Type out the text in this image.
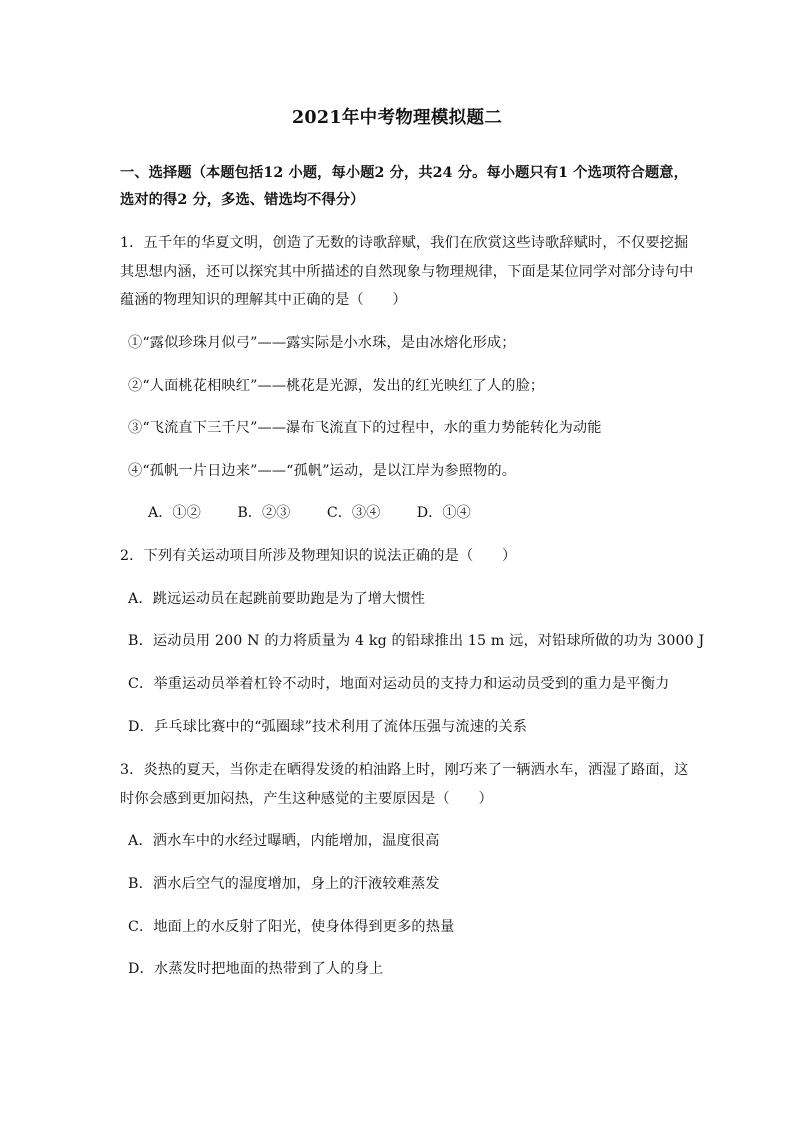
2021年中考物理模拟题二
一、选择题（本题包括12 小题，每小题2 分，共24 分。每小题只有1 个选项符合题意，
选对的得2 分，多选、错选均不得分）
1．五千年的华夏文明，创造了无数的诗歌辞赋，我们在欣赏这些诗歌辞赋时，不仅要挖掘
其思想内涵，还可以探究其中所描述的自然现象与物理规律，下面是某位同学对部分诗句中
蕴涵的物理知识的理解其中正确的是（　　）
①“露似珍珠月似弓”——露实际是小水珠，是由冰熔化形成；
②“人面桃花相映红”——桃花是光源，发出的红光映红了人的脸；
③“飞流直下三千尺”——瀑布飞流直下的过程中，水的重力势能转化为动能
④“孤帆一片日边来”——“孤帆”运动，是以江岸为参照物的。
A．①②	B．②③	C．③④	D．①④
2．下列有关运动项目所涉及物理知识的说法正确的是（　　）
A．跳远运动员在起跳前要助跑是为了增大惯性
B．运动员用 200 N 的力将质量为 4 kg 的铅球推出 15 m 远，对铅球所做的功为 3000 J
C．举重运动员举着杠铃不动时，地面对运动员的支持力和运动员受到的重力是平衡力
D．乒乓球比赛中的“弧圈球”技术利用了流体压强与流速的关系
3．炎热的夏天，当你走在晒得发烫的柏油路上时，刚巧来了一辆洒水车，洒湿了路面，这
时你会感到更加闷热，产生这种感觉的主要原因是（　　）
A．洒水车中的水经过曝晒，内能增加，温度很高
B．洒水后空气的湿度增加，身上的汗液较难蒸发
C．地面上的水反射了阳光，使身体得到更多的热量
D．水蒸发时把地面的热带到了人的身上
